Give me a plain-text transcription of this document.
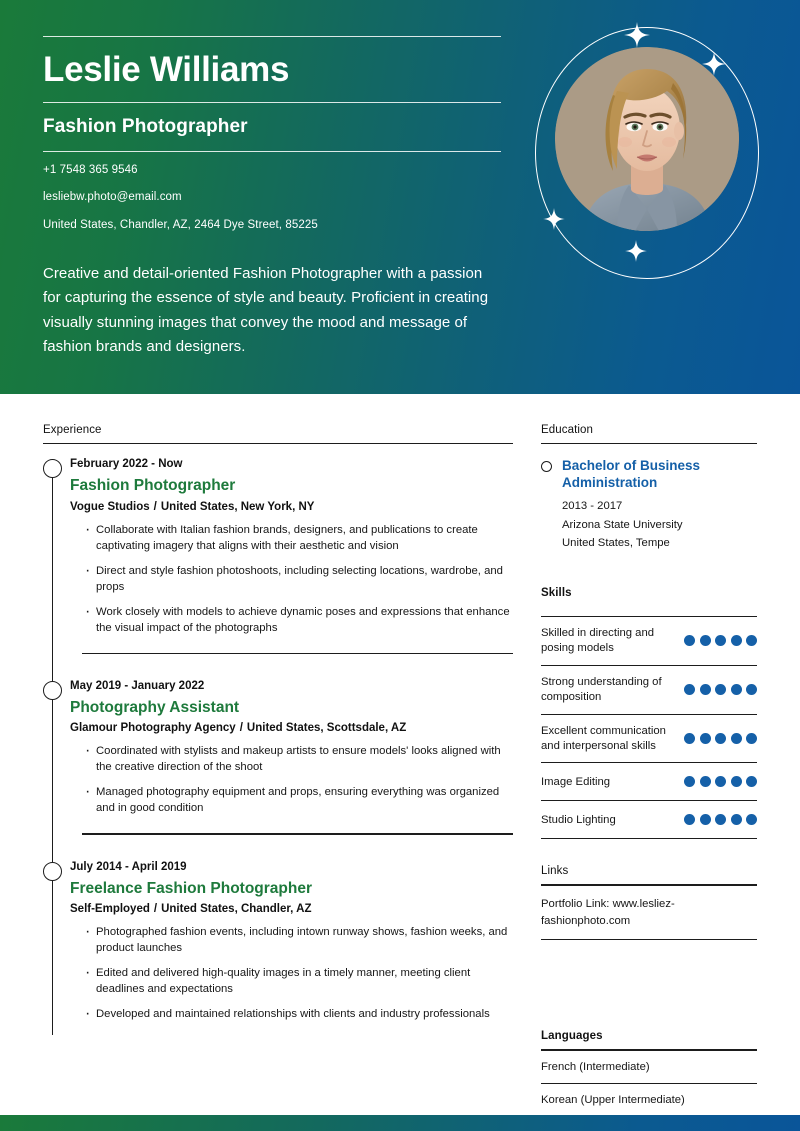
Leslie Williams
Fashion Photographer
+1 7548 365 9546
lesliebw.photo@email.com
United States, Chandler, AZ, 2464 Dye Street, 85225
Creative and detail-oriented Fashion Photographer with a passion for capturing the essence of style and beauty. Proficient in creating visually stunning images that convey the mood and message of fashion brands and designers.
Experience
February 2022 - Now
Fashion Photographer
Vogue Studios / United States, New York, NY
· Collaborate with Italian fashion brands, designers, and publications to create captivating imagery that aligns with their aesthetic and vision
· Direct and style fashion photoshoots, including selecting locations, wardrobe, and props
· Work closely with models to achieve dynamic poses and expressions that enhance the visual impact of the photographs
May 2019 - January 2022
Photography Assistant
Glamour Photography Agency / United States, Scottsdale, AZ
· Coordinated with stylists and makeup artists to ensure models' looks aligned with the creative direction of the shoot
· Managed photography equipment and props, ensuring everything was organized and in good condition
July 2014 - April 2019
Freelance Fashion Photographer
Self-Employed / United States, Chandler, AZ
· Photographed fashion events, including intown runway shows, fashion weeks, and product launches
· Edited and delivered high-quality images in a timely manner, meeting client deadlines and expectations
· Developed and maintained relationships with clients and industry professionals
Education
Bachelor of Business Administration
2013 - 2017
Arizona State University
United States, Tempe
Skills
Skilled in directing and posing models
Strong understanding of composition
Excellent communication and interpersonal skills
Image Editing
Studio Lighting
Links
Portfolio Link: www.lesliez-fashionphoto.com
Languages
French (Intermediate)
Korean (Upper Intermediate)
